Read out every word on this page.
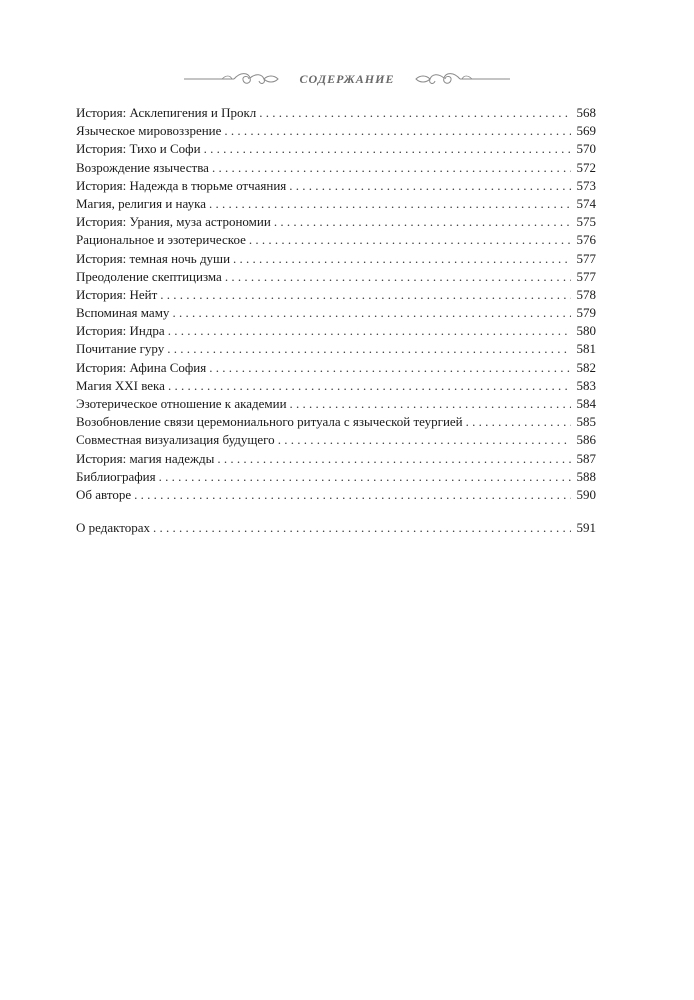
СОДЕРЖАНИЕ
История: Асклепигения и Прокл . . .	568
Языческое мировоззрение . . .	569
История: Тихо и Софи . . .	570
Возрождение язычества . . .	572
История: Надежда в тюрьме отчаяния . . .	573
Магия, религия и наука . . .	574
История: Урания, муза астрономии . . .	575
Рациональное и эзотерическое . . .	576
История: темная ночь души . . .	577
Преодоление скептицизма . . .	577
История: Нейт . . .	578
Вспоминая маму . . .	579
История: Индра . . .	580
Почитание гуру . . .	581
История: Афина София . . .	582
Магия XXI века . . .	583
Эзотерическое отношение к академии . . .	584
Возобновление связи церемониального ритуала с языческой теургией . . .	585
Совместная визуализация будущего . . .	586
История: магия надежды . . .	587
Библиография . . .	588
Об авторе . . .	590
О редакторах . . .	591
